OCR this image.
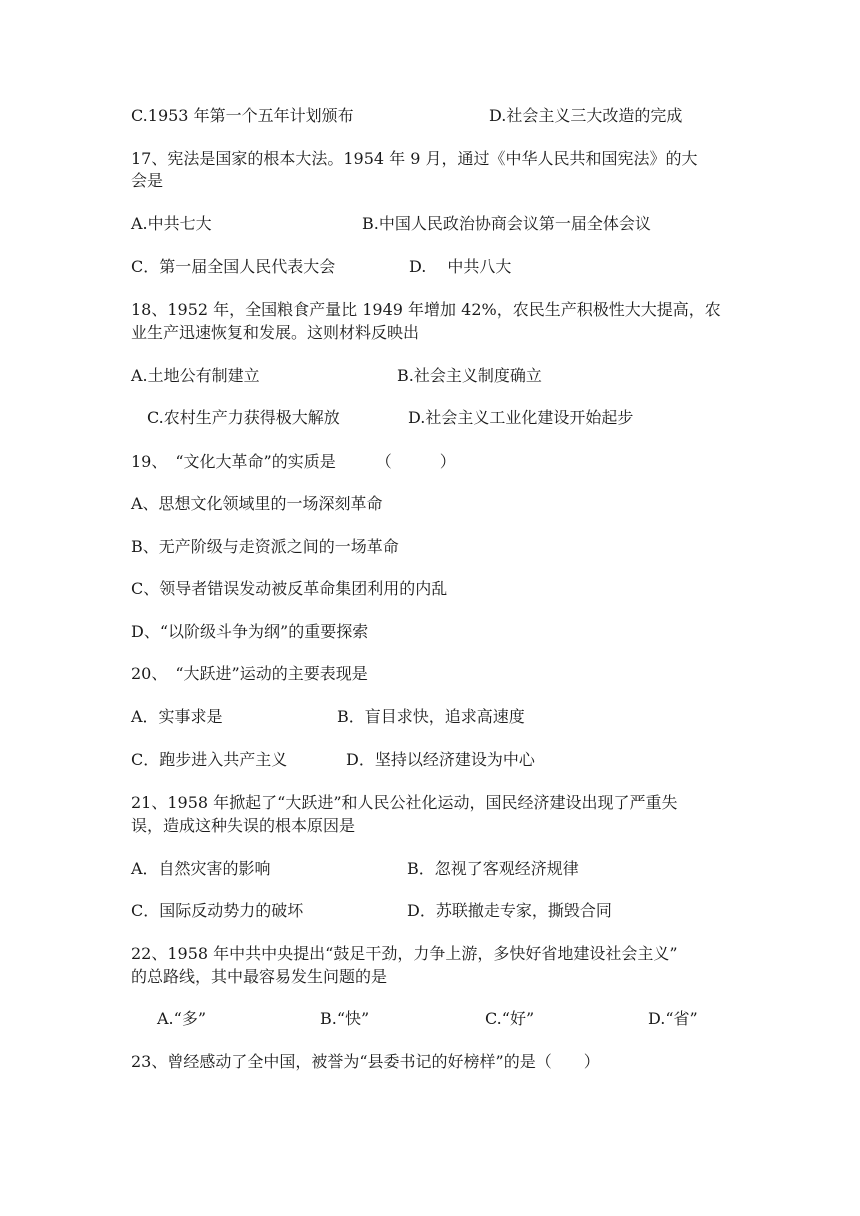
C.1953 年第一个五年计划颁布	D.社会主义三大改造的完成
17、宪法是国家的根本大法。1954 年 9 月，通过《中华人民共和国宪法》的大
会是
A.中共七大	B.中国人民政治协商会议第一届全体会议
C．第一届全国人民代表大会	D.　 中共八大
18、1952 年，全国粮食产量比 1949 年增加 42%，农民生产积极性大大提高，农
业生产迅速恢复和发展。这则材料反映出
A.土地公有制建立	B.社会主义制度确立
C.农村生产力获得极大解放	D.社会主义工业化建设开始起步
19、　“文化大革命”的实质是　　　（　　　）
A、思想文化领域里的一场深刻革命
B、无产阶级与走资派之间的一场革命
C、领导者错误发动被反革命集团利用的内乱
D、“以阶级斗争为纲”的重要探索
20、　“大跃进”运动的主要表现是
A．实事求是	B．盲目求快，追求高速度
C．跑步进入共产主义	D．坚持以经济建设为中心
21、1958 年掀起了“大跃进”和人民公社化运动，国民经济建设出现了严重失
误，造成这种失误的根本原因是
A．自然灾害的影响	B．忽视了客观经济规律
C．国际反动势力的破坏	D．苏联撤走专家，撕毁合同
22、1958 年中共中央提出“鼓足干劲，力争上游，多快好省地建设社会主义”
的总路线，其中最容易发生问题的是
A.“多”	B.“快”	C.“好”	D.“省”
23、曾经感动了全中国，被誉为“县委书记的好榜样”的是（　　）
